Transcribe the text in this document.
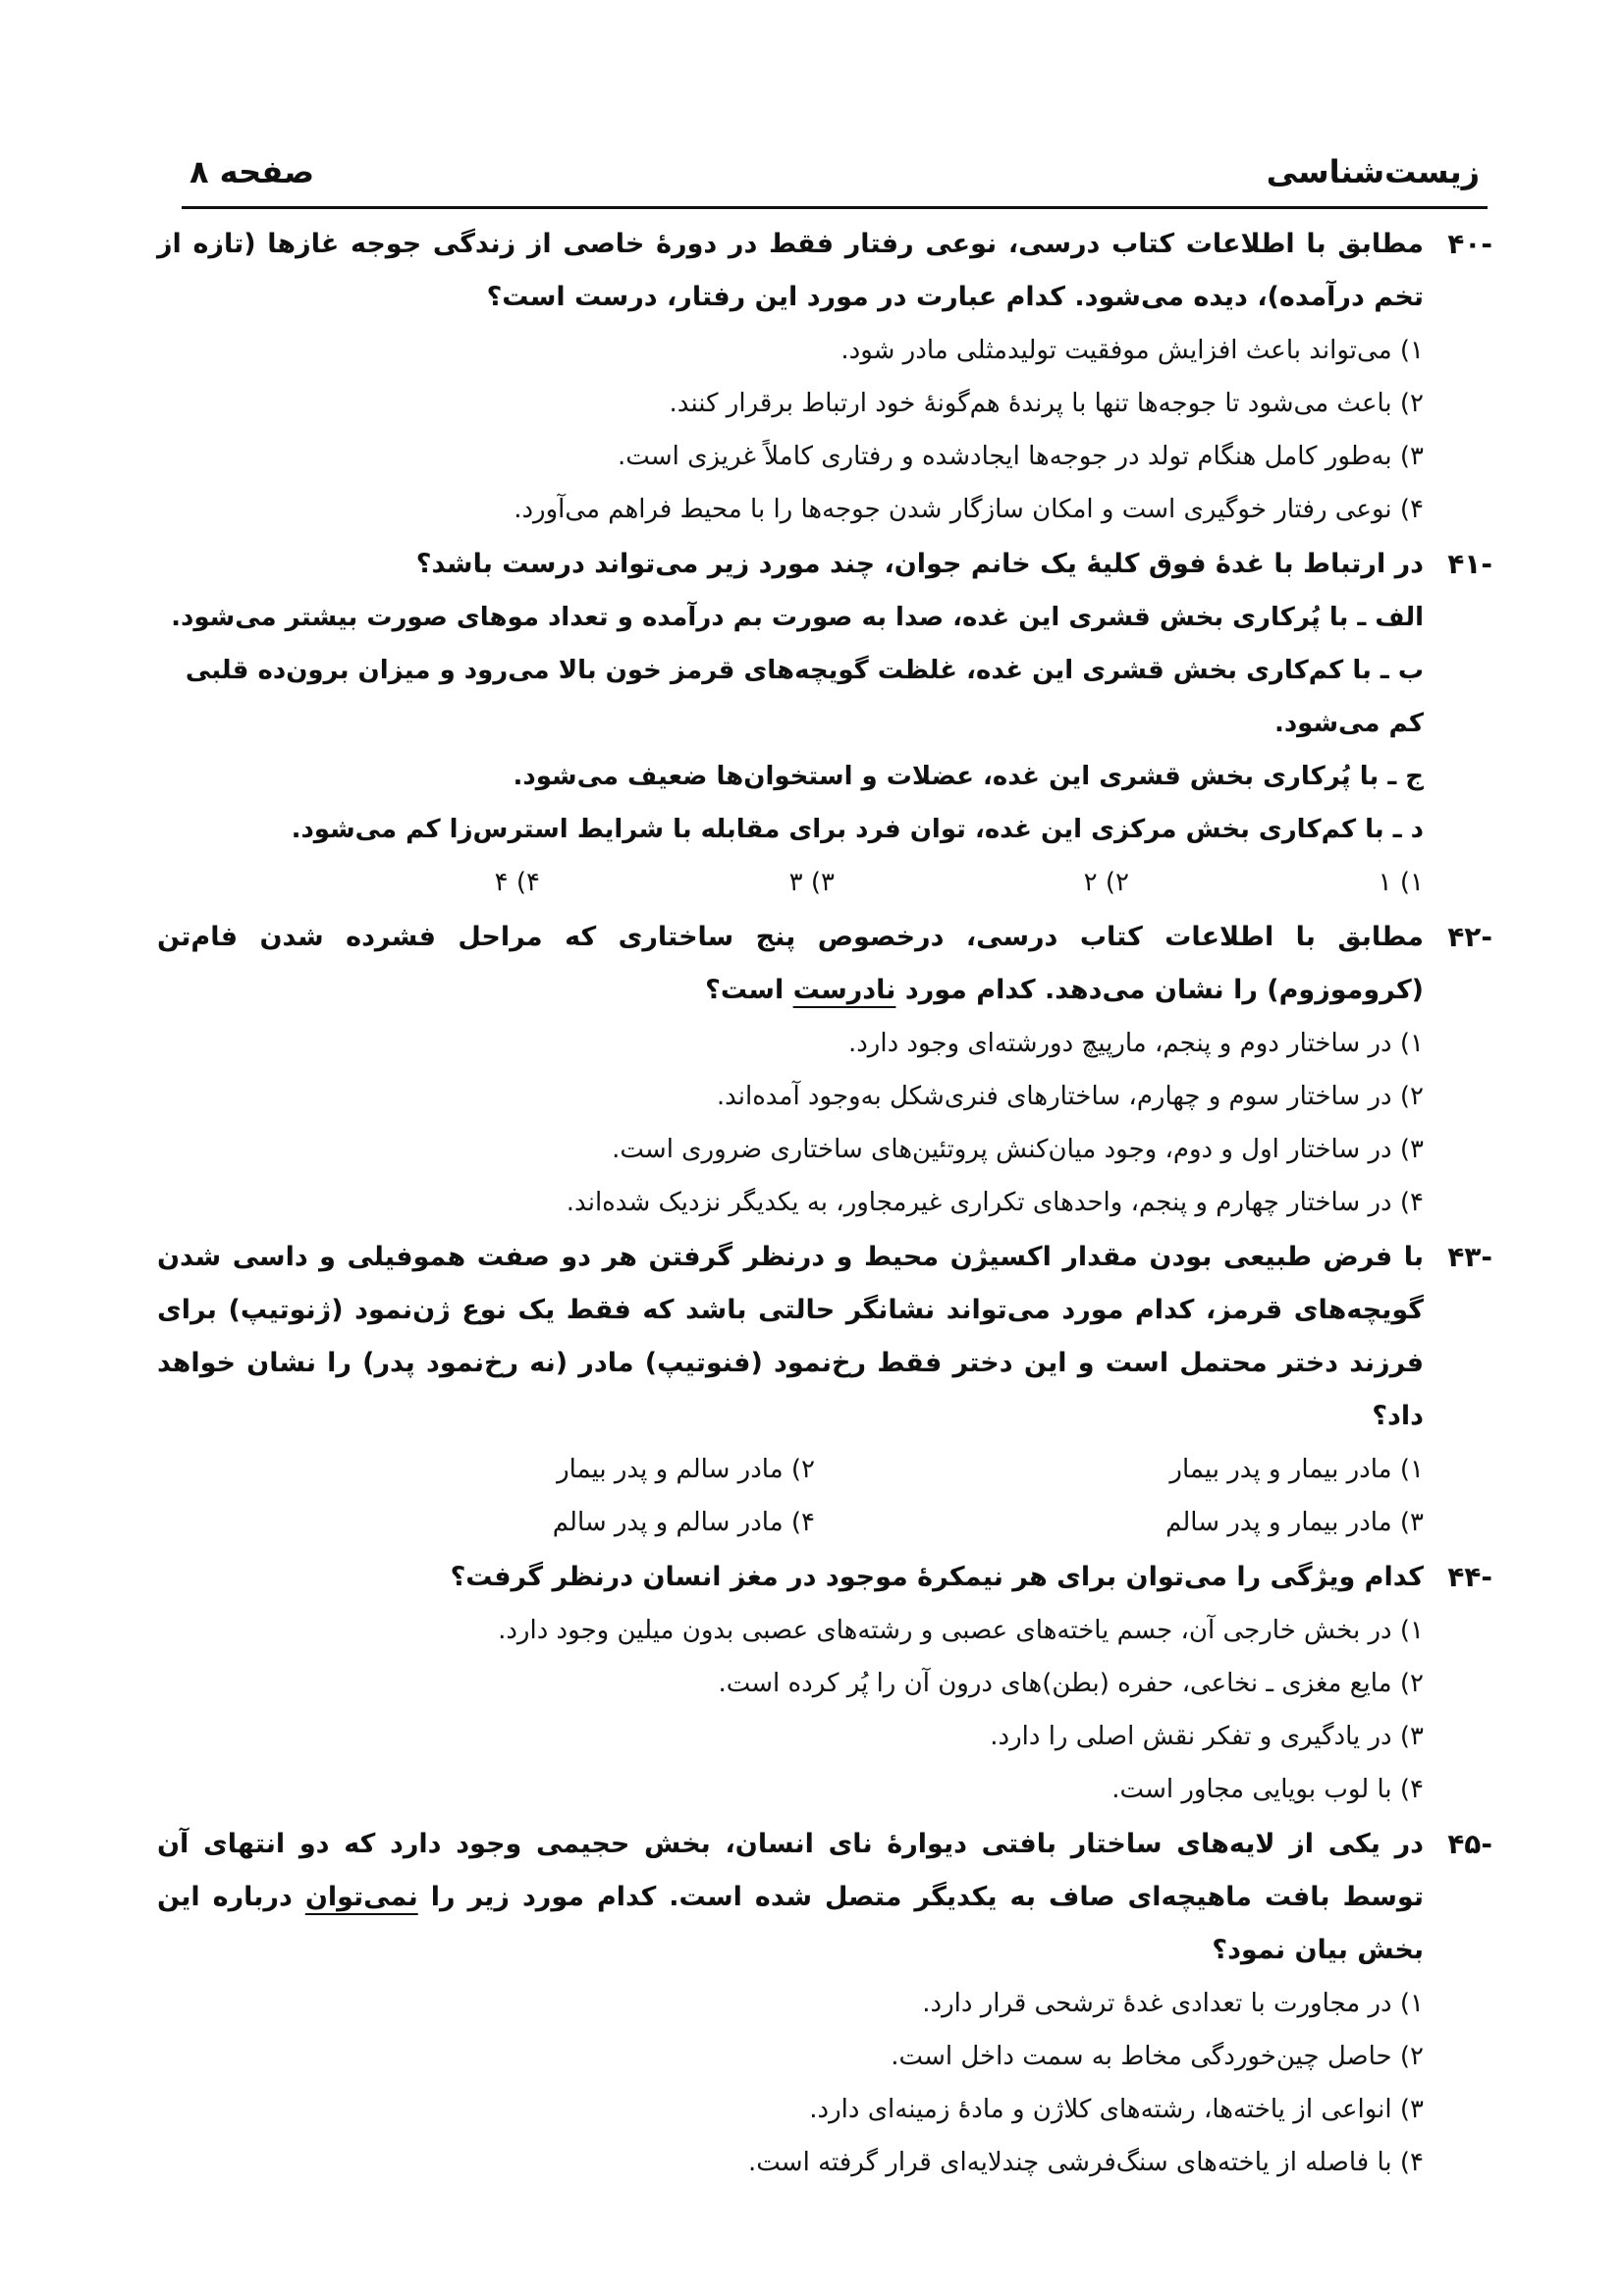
زیست‌شناسی
صفحه ۸
-۴۰
مطابق با اطلاعات کتاب درسی، نوعی رفتار فقط در دورهٔ خاصی از زندگی جوجه غازها (تازه از تخم درآمده)، دیده می‌شود. کدام عبارت در مورد این رفتار، درست است؟
۱) می‌تواند باعث افزایش موفقیت تولیدمثلی مادر شود.
۲) باعث می‌شود تا جوجه‌ها تنها با پرندهٔ هم‌گونهٔ خود ارتباط برقرار کنند.
۳) به‌طور کامل هنگام تولد در جوجه‌ها ایجادشده و رفتاری کاملاً غریزی است.
۴) نوعی رفتار خوگیری است و امکان سازگار شدن جوجه‌ها را با محیط فراهم می‌آورد.
-۴۱
در ارتباط با غدهٔ فوق کلیهٔ یک خانم جوان، چند مورد زیر می‌تواند درست باشد؟
الف ـ با پُرکاری بخش قشری این غده، صدا به صورت بم درآمده و تعداد موهای صورت بیشتر می‌شود.
ب ـ با کم‌کاری بخش قشری این غده، غلظت گویچه‌های قرمز خون بالا می‌رود و میزان برون‌ده قلبی کم می‌شود.
ج ـ با پُرکاری بخش قشری این غده، عضلات و استخوان‌ها ضعیف می‌شود.
د ـ با کم‌کاری بخش مرکزی این غده، توان فرد برای مقابله با شرایط استرس‌زا کم می‌شود.
۱) ۱
۲) ۲
۳) ۳
۴) ۴
-۴۲
مطابق با اطلاعات کتاب درسی، درخصوص پنج ساختاری که مراحل فشرده شدن فام‌تن (کروموزوم) را نشان می‌دهد. کدام مورد نادرست است؟
۱) در ساختار دوم و پنجم، مارپیچ دورشته‌ای وجود دارد.
۲) در ساختار سوم و چهارم، ساختارهای فنری‌شکل به‌وجود آمده‌اند.
۳) در ساختار اول و دوم، وجود میان‌کنش پروتئین‌های ساختاری ضروری است.
۴) در ساختار چهارم و پنجم، واحدهای تکراری غیرمجاور، به یکدیگر نزدیک شده‌اند.
-۴۳
با فرض طبیعی بودن مقدار اکسیژن محیط و درنظر گرفتن هر دو صفت هموفیلی و داسی شدن گویچه‌های قرمز، کدام مورد می‌تواند نشانگر حالتی باشد که فقط یک نوع ژن‌نمود (ژنوتیپ) برای فرزند دختر محتمل است و این دختر فقط رخ‌نمود (فنوتیپ) مادر (نه رخ‌نمود پدر) را نشان خواهد داد؟
۱) مادر بیمار و پدر بیمار
۲) مادر سالم و پدر بیمار
۳) مادر بیمار و پدر سالم
۴) مادر سالم و پدر سالم
-۴۴
کدام ویژگی را می‌توان برای هر نیمکرهٔ موجود در مغز انسان درنظر گرفت؟
۱) در بخش خارجی آن، جسم یاخته‌های عصبی و رشته‌های عصبی بدون میلین وجود دارد.
۲) مایع مغزی ـ نخاعی، حفره (بطن)های درون آن را پُر کرده است.
۳) در یادگیری و تفکر نقش اصلی را دارد.
۴) با لوب بویایی مجاور است.
-۴۵
در یکی از لایه‌های ساختار بافتی دیوارهٔ نای انسان، بخش حجیمی وجود دارد که دو انتهای آن توسط بافت ماهیچه‌ای صاف به یکدیگر متصل شده است. کدام مورد زیر را نمی‌توان درباره این بخش بیان نمود؟
۱) در مجاورت با تعدادی غدهٔ ترشحی قرار دارد.
۲) حاصل چین‌خوردگی مخاط به سمت داخل است.
۳) انواعی از یاخته‌ها، رشته‌های کلاژن و مادهٔ زمینه‌ای دارد.
۴) با فاصله از یاخته‌های سنگ‌فرشی چندلایه‌ای قرار گرفته است.
